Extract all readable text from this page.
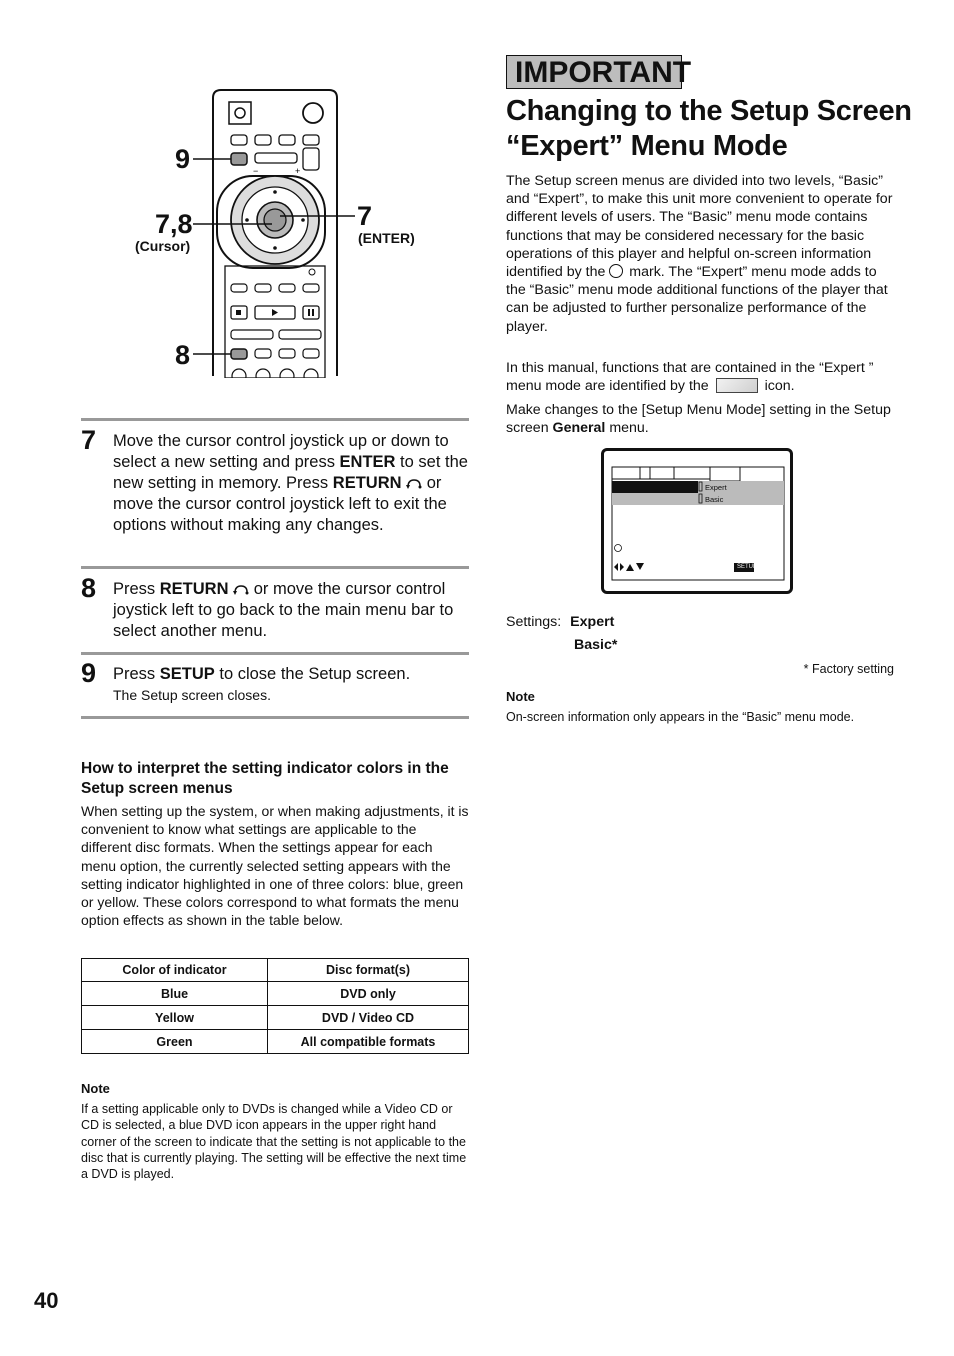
−	+
9
7,8
(Cursor)
7
(ENTER)
8
7 Move the cursor control joystick up or down to select a new setting and press ENTER to set the new setting in memory. Press RETURN  or move the cursor control joystick left to exit the options without making any changes.
8 Press RETURN  or move the cursor control joystick left to go back to the main menu bar to select another menu.
9 Press SETUP to close the Setup screen.
The Setup screen closes.
How to interpret the setting indicator colors in the Setup screen menus
When setting up the system, or when making adjustments, it is convenient to know what settings are applicable to the different disc formats. When the settings appear for each menu option, the currently selected setting appears with the setting indicator highlighted in one of three colors: blue, green or yellow. These colors correspond to what formats the menu option effects as shown in the table below.
Color of indicator	Disc format(s)
Blue	DVD only
Yellow	DVD / Video CD
Green	All compatible formats
Note
If a setting applicable only to DVDs is changed while a Video CD or CD is selected, a blue DVD icon appears in the upper right hand corner of the screen to indicate that the setting is not applicable to the disc that is currently playing. The setting will be effective the next time a DVD is played.
IMPORTANT
Changing to the Setup Screen “Expert” Menu Mode
The Setup screen menus are divided into two levels, “Basic” and “Expert”, to make this unit more convenient to operate for different levels of users. The “Basic” menu mode contains functions that may be considered necessary for the basic operations of this player and helpful on-screen information identified by the  mark. The “Expert” menu mode adds to the “Basic” menu mode additional functions of the player that can be adjusted to further personalize performance of the player.
In this manual, functions that are contained in the “Expert ” menu mode are identified by the	icon.
Make changes to the [Setup Menu Mode] setting in the Setup screen General menu.
Expert
Basic
SETUP
Settings: Expert
Basic*
* Factory setting
Note
On-screen information only appears in the “Basic” menu mode.
40
